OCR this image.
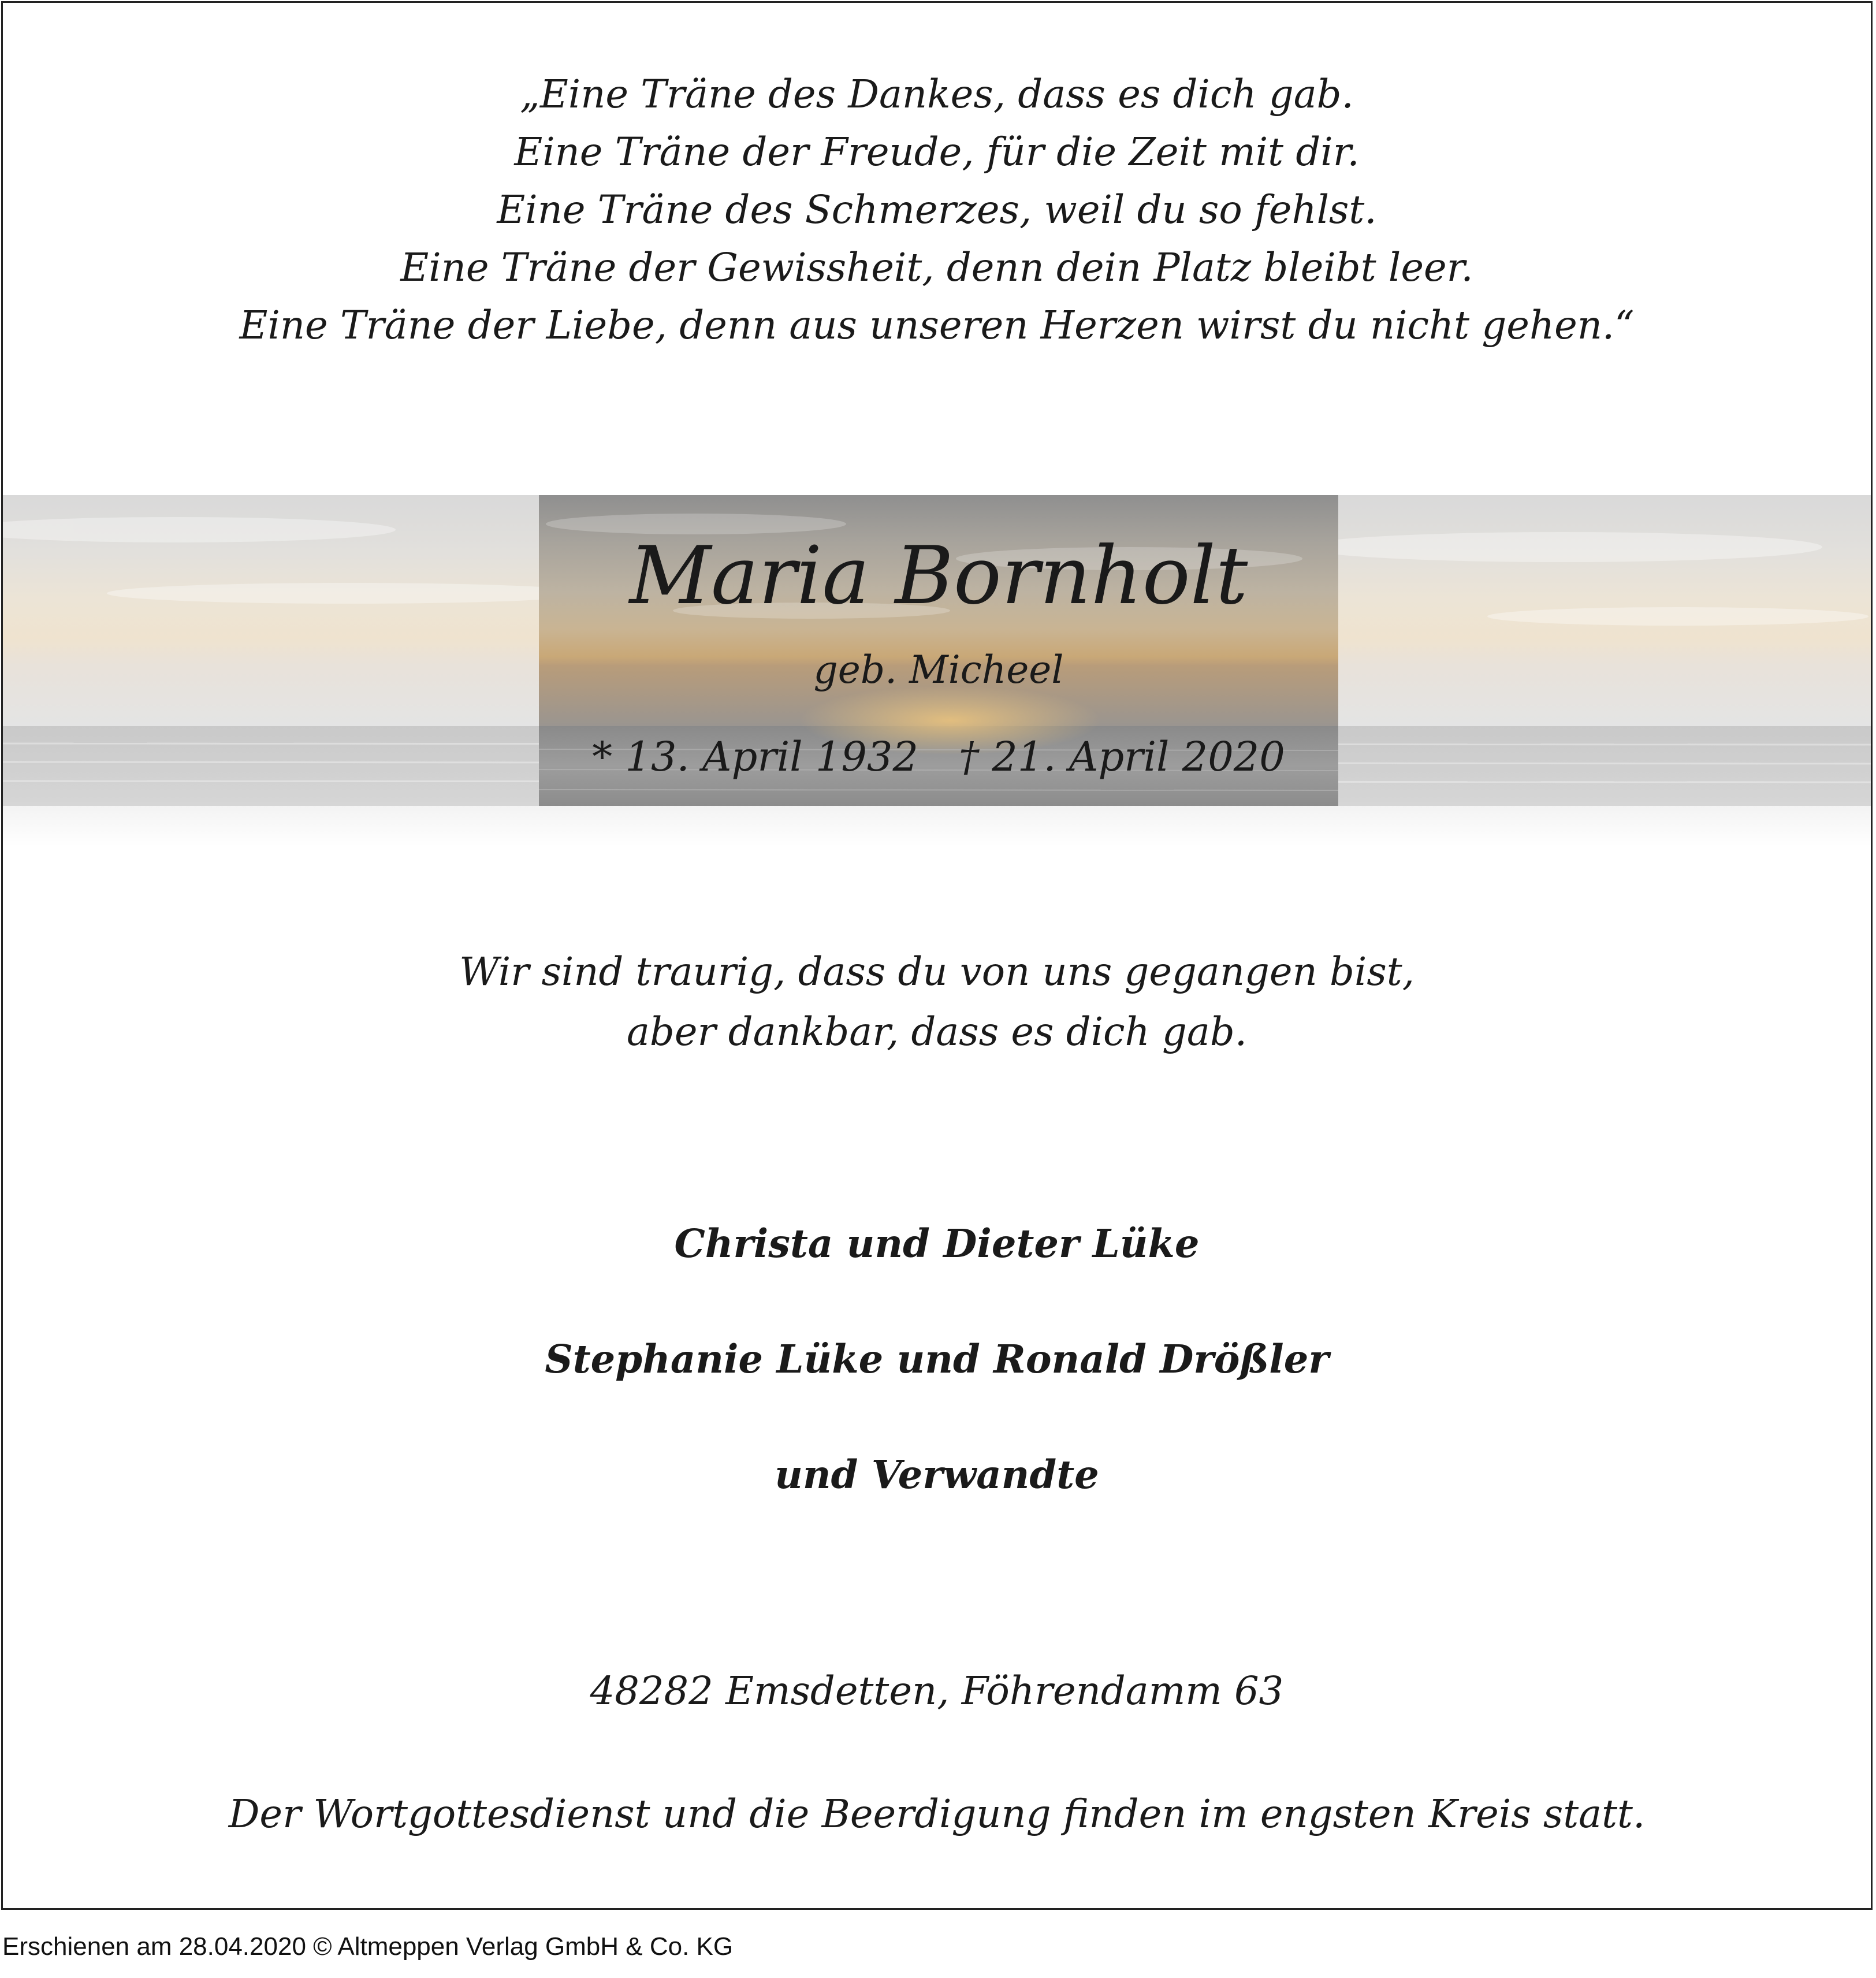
„Eine Träne des Dankes, dass es dich gab.
Eine Träne der Freude, für die Zeit mit dir.
Eine Träne des Schmerzes, weil du so fehlst.
Eine Träne der Gewissheit, denn dein Platz bleibt leer.
Eine Träne der Liebe, denn aus unseren Herzen wirst du nicht gehen.“
Maria Bornholt
geb. Micheel
* 13. April 1932 † 21. April 2020
Wir sind traurig, dass du von uns gegangen bist,
aber dankbar, dass es dich gab.
Christa und Dieter Lüke
Stephanie Lüke und Ronald Drößler
und Verwandte
48282 Emsdetten, Föhrendamm 63
Der Wortgottesdienst und die Beerdigung finden im engsten Kreis statt.
Erschienen am 28.04.2020 © Altmeppen Verlag GmbH & Co. KG
